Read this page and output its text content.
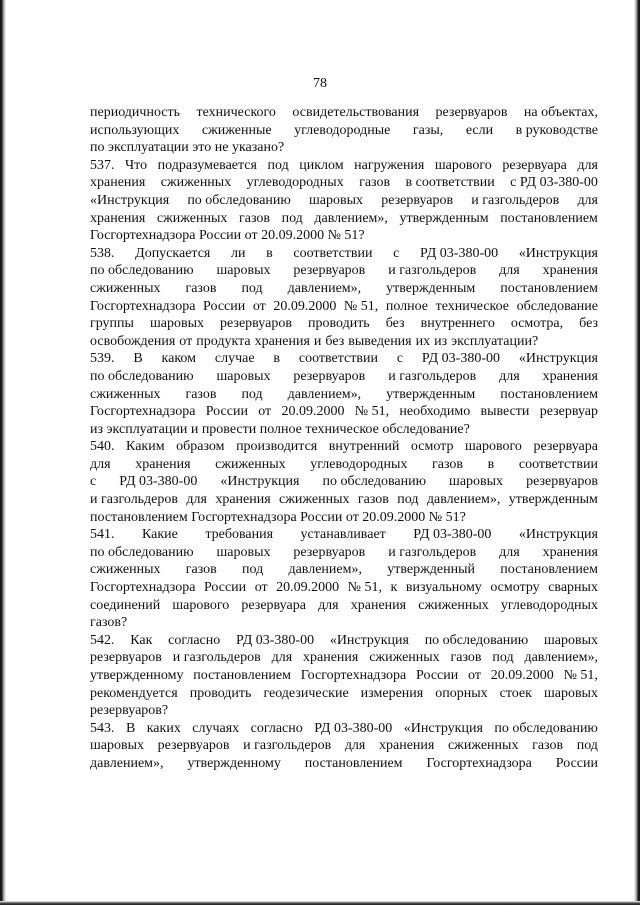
78
периодичность технического освидетельствования резервуаров на объектах,
использующих сжиженные углеводородные газы, если в руководстве
по эксплуатации это не указано?
537. Что подразумевается под циклом нагружения шарового резервуара для
хранения сжиженных углеводородных газов в соответствии с РД 03-380-00
«Инструкция по обследованию шаровых резервуаров и газгольдеров для
хранения сжиженных газов под давлением», утвержденным постановлением
Госгортехнадзора России от 20.09.2000 № 51?
538. Допускается ли в соответствии с РД 03-380-00 «Инструкция
по обследованию шаровых резервуаров и газгольдеров для хранения
сжиженных газов под давлением», утвержденным постановлением
Госгортехнадзора России от 20.09.2000 № 51, полное техническое обследование
группы шаровых резервуаров проводить без внутреннего осмотра, без
освобождения от продукта хранения и без выведения их из эксплуатации?
539. В каком случае в соответствии с РД 03-380-00 «Инструкция
по обследованию шаровых резервуаров и газгольдеров для хранения
сжиженных газов под давлением», утвержденным постановлением
Госгортехнадзора России от 20.09.2000 № 51, необходимо вывести резервуар
из эксплуатации и провести полное техническое обследование?
540. Каким образом производится внутренний осмотр шарового резервуара
для хранения сжиженных углеводородных газов в соответствии
с РД 03-380-00 «Инструкция по обследованию шаровых резервуаров
и газгольдеров для хранения сжиженных газов под давлением», утвержденным
постановлением Госгортехнадзора России от 20.09.2000 № 51?
541. Какие требования устанавливает РД 03-380-00 «Инструкция
по обследованию шаровых резервуаров и газгольдеров для хранения
сжиженных газов под давлением», утвержденный постановлением
Госгортехнадзора России от 20.09.2000 № 51, к визуальному осмотру сварных
соединений шарового резервуара для хранения сжиженных углеводородных
газов?
542. Как согласно РД 03-380-00 «Инструкция по обследованию шаровых
резервуаров и газгольдеров для хранения сжиженных газов под давлением»,
утвержденному постановлением Госгортехнадзора России от 20.09.2000 № 51,
рекомендуется проводить геодезические измерения опорных стоек шаровых
резервуаров?
543. В каких случаях согласно РД 03-380-00 «Инструкция по обследованию
шаровых резервуаров и газгольдеров для хранения сжиженных газов под
давлением», утвержденному постановлением Госгортехнадзора России
